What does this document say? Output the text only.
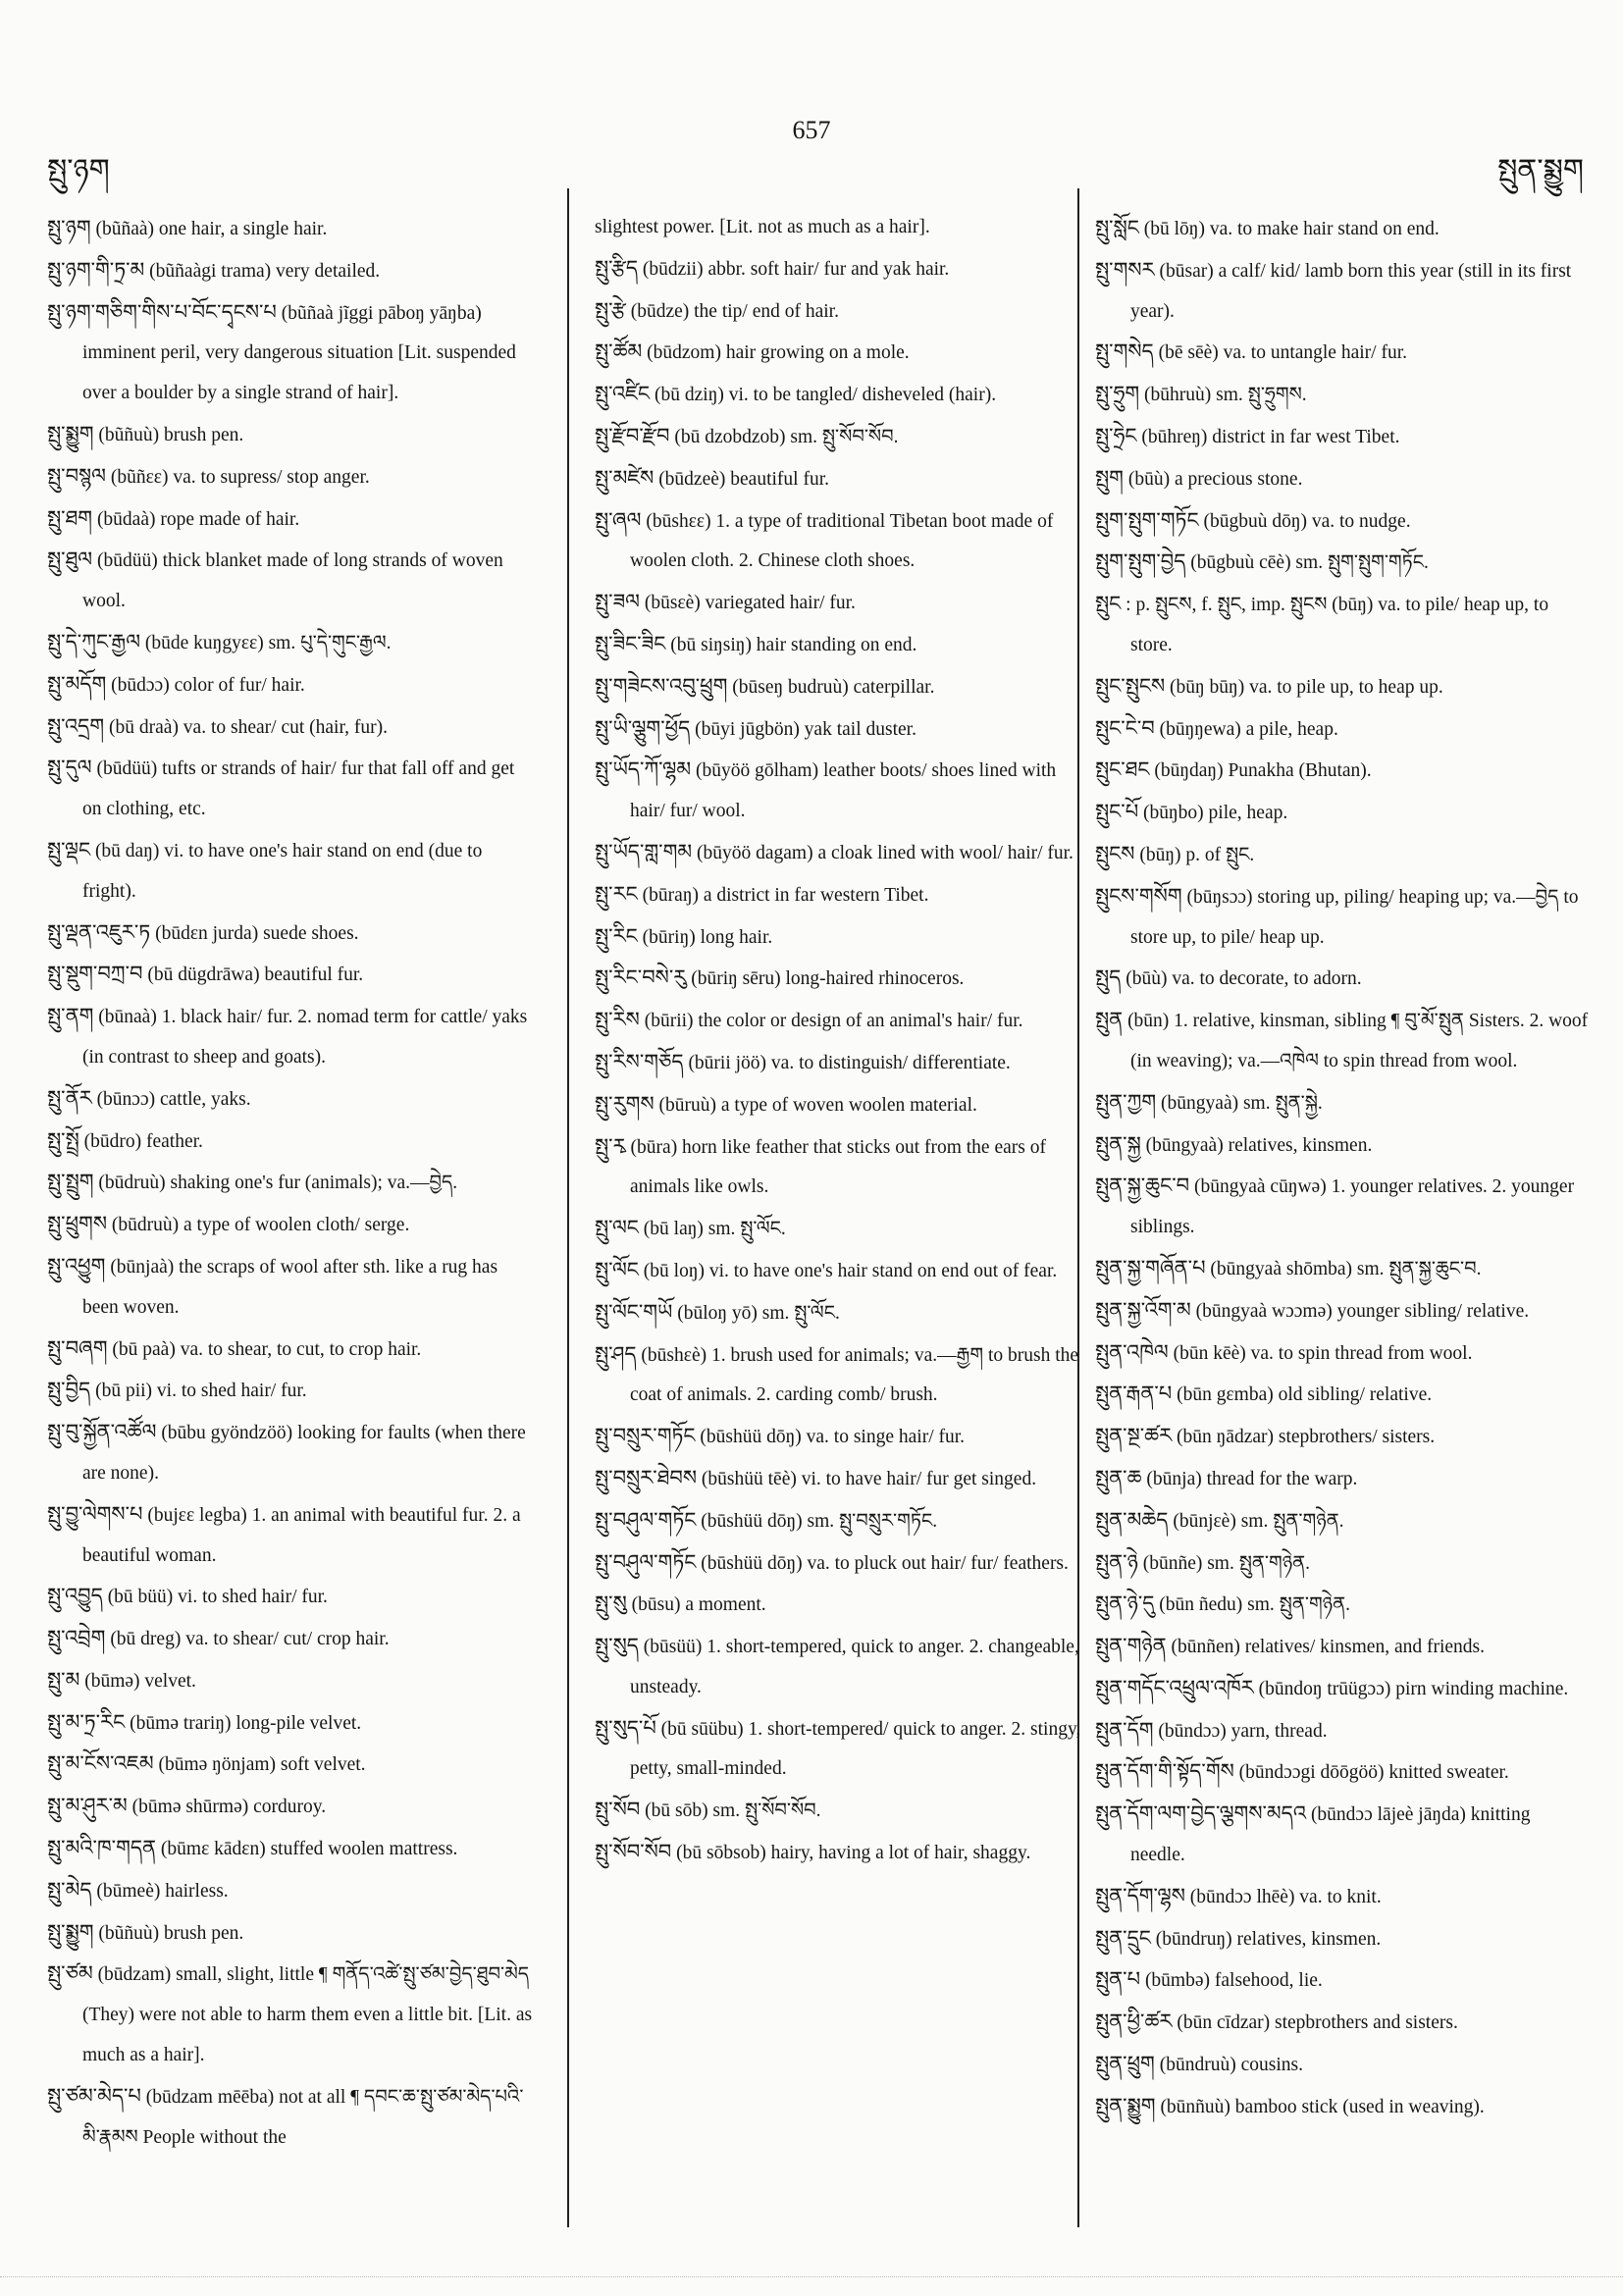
657
སྤུ་ཉག	སྤུན་སྨྱུག
སྤུ་ཉག (bũñaà) one hair, a single hair.
སྤུ་ཉག་གི་ཏྲ་མ (bũñaàgi trama) very detailed.
སྤུ་ཉག་གཅིག་གིས་པ་བོང་དྭངས་པ (bũñaà jĩggi pāboŋ yāŋba) imminent peril, very dangerous situation [Lit. suspended over a boulder by a single strand of hair].
སྤུ་སྨྱུག (bũñuù) brush pen.
སྤུ་བསྙལ (bũñεε) va. to supress/ stop anger.
སྤུ་ཐག (būdaà) rope made of hair.
སྤུ་ཐུལ (būdüü) thick blanket made of long strands of woven wool.
སྤུ་དེ་ཀུང་རྒྱལ (būde kuŋgyεε) sm. པུ་དེ་གུང་རྒྱལ.
སྤུ་མདོག (būdɔɔ) color of fur/ hair.
སྤུ་འདྲག (bū draà) va. to shear/ cut (hair, fur).
སྤུ་དུལ (būdüü) tufts or strands of hair/ fur that fall off and get on clothing, etc.
སྤུ་ལྡང (bū daŋ) vi. to have one's hair stand on end (due to fright).
སྤུ་ལྡན་འཇུར་ཏ (būdεn jurda) suede shoes.
སྤུ་སྡུག་བཀྲ་བ (bū dügdrāwa) beautiful fur.
སྤུ་ནག (būnaà) 1. black hair/ fur. 2. nomad term for cattle/ yaks (in contrast to sheep and goats).
སྤུ་ནོར (būnɔɔ) cattle, yaks.
སྤུ་སྤྲོ (būdro) feather.
སྤུ་སྤྲུག (būdruù) shaking one's fur (animals); va.—བྱེད.
སྤུ་ཕྲུགས (būdruù) a type of woolen cloth/ serge.
སྤུ་འཕྱུག (būnjaà) the scraps of wool after sth. like a rug has been woven.
སྤུ་བཞག (bū paà) va. to shear, to cut, to crop hair.
སྤུ་བྱིད (bū pii) vi. to shed hair/ fur.
སྤུ་བུ་སྐྱོན་འཚོལ (būbu gyöndzöö) looking for faults (when there are none).
སྤུ་བྱུ་ལེགས་པ (bujεε legba) 1. an animal with beautiful fur. 2. a beautiful woman.
སྤུ་འབྱུད (bū büü) vi. to shed hair/ fur.
སྤུ་འབྲེག (bū dreg) va. to shear/ cut/ crop hair.
སྤུ་མ (būmə) velvet.
སྤུ་མ་ཏྲ་རིང (būmə trariŋ) long-pile velvet.
སྤུ་མ་ངོས་འཇམ (būmə ŋönjam) soft velvet.
སྤུ་མ་ཤུར་མ (būmə shūrmə) corduroy.
སྤུ་མའི་ཁ་གདན (būmε kādεn) stuffed woolen mattress.
སྤུ་མེད (būmeè) hairless.
སྤུ་སྨྱུག (bũñuù) brush pen.
སྤུ་ཙམ (būdzam) small, slight, little ¶ གནོད་འཚེ་སྤུ་ཙམ་བྱེད་ཐུབ་མེད (They) were not able to harm them even a little bit. [Lit. as much as a hair].
སྤུ་ཙམ་མེད་པ (būdzam mēēba) not at all ¶ དབང་ཆ་སྤུ་ཙམ་མེད་པའི་མི་རྣམས People without the
slightest power. [Lit. not as much as a hair].
སྤུ་རྩིད (būdzii) abbr. soft hair/ fur and yak hair.
སྤུ་རྩེ (būdze) the tip/ end of hair.
སྤུ་ཚོམ (būdzom) hair growing on a mole.
སྤུ་འཛིང (bū dziŋ) vi. to be tangled/ disheveled (hair).
སྤུ་རྫོབ་རྫོབ (bū dzobdzob) sm. སྤུ་སོབ་སོབ.
སྤུ་མཛེས (būdzeè) beautiful fur.
སྤུ་ཞལ (būshεε) 1. a type of traditional Tibetan boot made of woolen cloth. 2. Chinese cloth shoes.
སྤུ་ཟལ (būsεè) variegated hair/ fur.
སྤུ་ཟིང་ཟིང (bū siŋsiŋ) hair standing on end.
སྤུ་གཟེངས་འབུ་ཕྲུག (būseŋ budruù) caterpillar.
སྤུ་ཡི་ལྕུག་ཕྱོད (būyi jūgbön) yak tail duster.
སྤུ་ཡོད་ཀོ་ལྷམ (būyöö gōlham) leather boots/ shoes lined with hair/ fur/ wool.
སྤུ་ཡོད་གླ་གམ (būyöö dagam) a cloak lined with wool/ hair/ fur.
སྤུ་རང (būraŋ) a district in far western Tibet.
སྤུ་རིང (būriŋ) long hair.
སྤུ་རིང་བསེ་རུ (būriŋ sēru) long-haired rhinoceros.
སྤུ་རིས (būrii) the color or design of an animal's hair/ fur.
སྤུ་རིས་གཅོད (būrii jöö) va. to distinguish/ differentiate.
སྤུ་རུགས (būruù) a type of woven woolen material.
སྤུ་རྭ (būra) horn like feather that sticks out from the ears of animals like owls.
སྤུ་ལང (bū laŋ) sm. སྤུ་ལོང.
སྤུ་ལོང (bū loŋ) vi. to have one's hair stand on end out of fear.
སྤུ་ལོང་གཡོ (būloŋ yō) sm. སྤུ་ལོང.
སྤུ་ཤད (būshεè) 1. brush used for animals; va.—རྒྱག to brush the coat of animals. 2. carding comb/ brush.
སྤུ་བསྲུར་གཏོང (būshüü dōŋ) va. to singe hair/ fur.
སྤུ་བསྲུར་ཐེབས (būshüü tēè) vi. to have hair/ fur get singed.
སྤུ་བཤུལ་གཏོང (būshüü dōŋ) sm. སྤུ་བསྲུར་གཏོང.
སྤུ་བཤུལ་གཏོང (būshüü dōŋ) va. to pluck out hair/ fur/ feathers.
སྤུ་སུ (būsu) a moment.
སྤུ་སུད (būsüü) 1. short-tempered, quick to anger. 2. changeable, unsteady.
སྤུ་སུད་པོ (bū sūübu) 1. short-tempered/ quick to anger. 2. stingy, petty, small-minded.
སྤུ་སོབ (bū sōb) sm. སྤུ་སོབ་སོབ.
སྤུ་སོབ་སོབ (bū sōbsob) hairy, having a lot of hair, shaggy.
སྤུ་སློང (bū lōŋ) va. to make hair stand on end.
སྤུ་གསར (būsar) a calf/ kid/ lamb born this year (still in its first year).
སྤུ་གསེད (bē sēè) va. to untangle hair/ fur.
སྤུ་ཧྲུག (būhruù) sm. སྤུ་ཧྲུགས.
སྤུ་ཧྲེང (būhreŋ) district in far west Tibet.
སྤུག (būù) a precious stone.
སྤུག་སྤུག་གཏོང (būgbuù dōŋ) va. to nudge.
སྤུག་སྤུག་བྱེད (būgbuù cēè) sm. སྤུག་སྤུག་གཏོང.
སྤུང : p. སྤུངས, f. སྤུང, imp. སྤུངས (būŋ) va. to pile/ heap up, to store.
སྤུང་སྤུངས (būŋ būŋ) va. to pile up, to heap up.
སྤུང་ངེ་བ (būŋŋewa) a pile, heap.
སྤུང་ཐང (būŋdaŋ) Punakha (Bhutan).
སྤུང་པོ (būŋbo) pile, heap.
སྤུངས (būŋ) p. of སྤུང.
སྤུངས་གསོག (būŋsɔɔ) storing up, piling/ heaping up; va.—བྱེད to store up, to pile/ heap up.
སྤུད (būù) va. to decorate, to adorn.
སྤུན (būn) 1. relative, kinsman, sibling ¶ བུ་མོ་སྤུན Sisters. 2. woof (in weaving); va.—འཁེལ to spin thread from wool.
སྤུན་ཀྱག (būngyaà) sm. སྤུན་སྐྱེ.
སྤུན་སྐྱ (būngyaà) relatives, kinsmen.
སྤུན་སྐྱ་ཆུང་བ (būngyaà cūŋwə) 1. younger relatives. 2. younger siblings.
སྤུན་སྐྱ་གཞོན་པ (būngyaà shōmba) sm. སྤུན་སྐྱ་ཆུང་བ.
སྤུན་སྐྱ་འོག་མ (būngyaà wɔɔmə) younger sibling/ relative.
སྤུན་འཁེལ (būn kēè) va. to spin thread from wool.
སྤུན་རྒན་པ (būn gεmba) old sibling/ relative.
སྤུན་སྔ་ཚར (būn ŋādzar) stepbrothers/ sisters.
སྤུན་ཆ (būnja) thread for the warp.
སྤུན་མཆེད (būnjεè) sm. སྤུན་གཉེན.
སྤུན་ཉེ (būnñe) sm. སྤུན་གཉེན.
སྤུན་ཉེ་དུ (būn ñedu) sm. སྤུན་གཉེན.
སྤུན་གཉེན (būnñen) relatives/ kinsmen, and friends.
སྤུན་གདོང་འཕྲུལ་འཁོར (būndoŋ trūügɔɔ) pirn winding machine.
སྤུན་དོག (būndɔɔ) yarn, thread.
སྤུན་དོག་གི་སྟོད་གོས (būndɔɔgi dōōgöö) knitted sweater.
སྤུན་དོག་ལག་བྱེད་ལྕགས་མདའ (būndɔɔ lājeè jāŋda) knitting needle.
སྤུན་དོག་ལྷས (būndɔɔ lhēè) va. to knit.
སྤུན་དྲུང (būndruŋ) relatives, kinsmen.
སྤུན་པ (būmbə) falsehood, lie.
སྤུན་ཕྱི་ཚར (būn cīdzar) stepbrothers and sisters.
སྤུན་ཕྲུག (būndruù) cousins.
སྤུན་སྨྱུག (būnñuù) bamboo stick (used in weaving).
